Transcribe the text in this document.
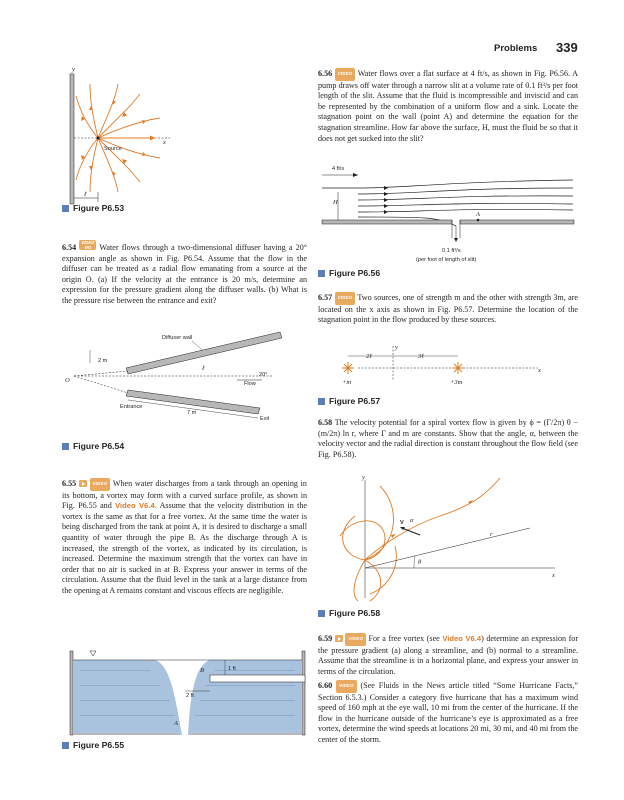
Problems 339
y
x
Source
ℓ
Figure P6.53
6.56 VIDEO Water flows over a flat surface at 4 ft/s, as shown in Fig. P6.56. A pump draws off water through a narrow slit at a volume rate of 0.1 ft³/s per foot length of the slit. Assume that the fluid is incompressible and inviscid and can be represented by the combination of a uniform flow and a sink. Locate the stagnation point on the wall (point A) and determine the equation for the stagnation streamline. How far above the surface, H, must the fluid be so that it does not get sucked into the slit?
4 ft/s
H
A
0.1 ft³/s
(per foot of length of slit)
Figure P6.56
6.54 VIDEO
GO Water flows through a two-dimensional diffuser having a 20° expansion angle as shown in Fig. P6.54. Assume that the flow in the diffuser can be treated as a radial flow emanating from a source at the origin O. (a) If the velocity at the entrance is 20 m/s, determine an expression for the pressure gradient along the diffuser walls. (b) What is the pressure rise between the entrance and exit?
Diffuser wall
2 m
ℓ
O
20°
Flow
Entrance
7 m
Exit
Figure P6.54
6.57 VIDEO Two sources, one of strength m and the other with strength 3m, are located on the x axis as shown in Fig. P6.57. Determine the location of the stagnation point in the flow produced by these sources.
y
x
2ℓ	3ℓ
+m	+3m
Figure P6.57
6.58 The velocity potential for a spiral vortex flow is given by ϕ = (Γ/2π) θ − (m/2π) ln r, where Γ and m are constants. Show that the angle, α, between the velocity vector and the radial direction is constant throughout the flow field (see Fig. P6.58).
6.55	VIDEO When water discharges from a tank through an opening in its bottom, a vortex may form with a curved surface profile, as shown in Fig. P6.55 and Video V6.4. Assume that the velocity distribution in the vortex is the same as that for a free vortex. At the same time the water is being discharged from the tank at point A, it is desired to discharge a small quantity of water through the pipe B. As the discharge through A is increased, the strength of the vortex, as indicated by its circulation, is increased. Determine the maximum strength that the vortex can have in order that no air is sucked in at B. Express your answer in terms of the circulation. Assume that the fluid level in the tank at a large distance from the opening at A remains constant and viscous effects are negligible.
y
x
r
θ
V α
Figure P6.58
A
B	1 ft
2 ft
Figure P6.55
6.59	VIDEO For a free vortex (see Video V6.4) determine an expression for the pressure gradient (a) along a streamline, and (b) normal to a streamline. Assume that the streamline is in a horizontal plane, and express your answer in terms of the circulation.
6.60 VIDEO (See Fluids in the News article titled “Some Hurricane Facts,” Section 6.5.3.) Consider a category five hurricane that has a maximum wind speed of 160 mph at the eye wall, 10 mi from the center of the hurricane. If the flow in the hurricane outside of the hurricane’s eye is approximated as a free vortex, determine the wind speeds at locations 20 mi, 30 mi, and 40 mi from the center of the storm.
